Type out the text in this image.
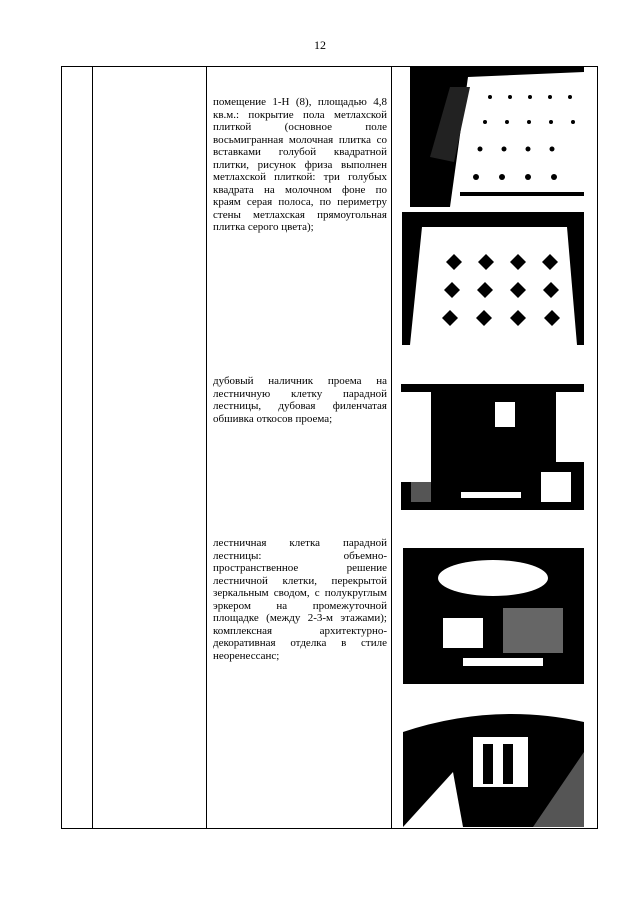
12
помещение 1-Н (8), площадью 4,8 кв.м.: покрытие пола метлахской плиткой (основное поле восьмигранная молочная плитка со вставками голубой квадратной плитки, рисунок фриза выполнен метлахской плиткой: три голубых квадрата на молочном фоне по краям серая полоса, по периметру стены метлахская прямоугольная плитка серого цвета);
дубовый наличник проема на лестничную клетку парадной лестницы, дубовая филенчатая обшивка откосов проема;
лестничная клетка парадной лестницы: объемно-пространственное решение лестничной клетки, перекрытой зеркальным сводом, с полукруглым эркером на промежуточной площадке (между 2-3-м этажами); комплексная архитектурно-декоративная отделка в стиле неоренессанс;
